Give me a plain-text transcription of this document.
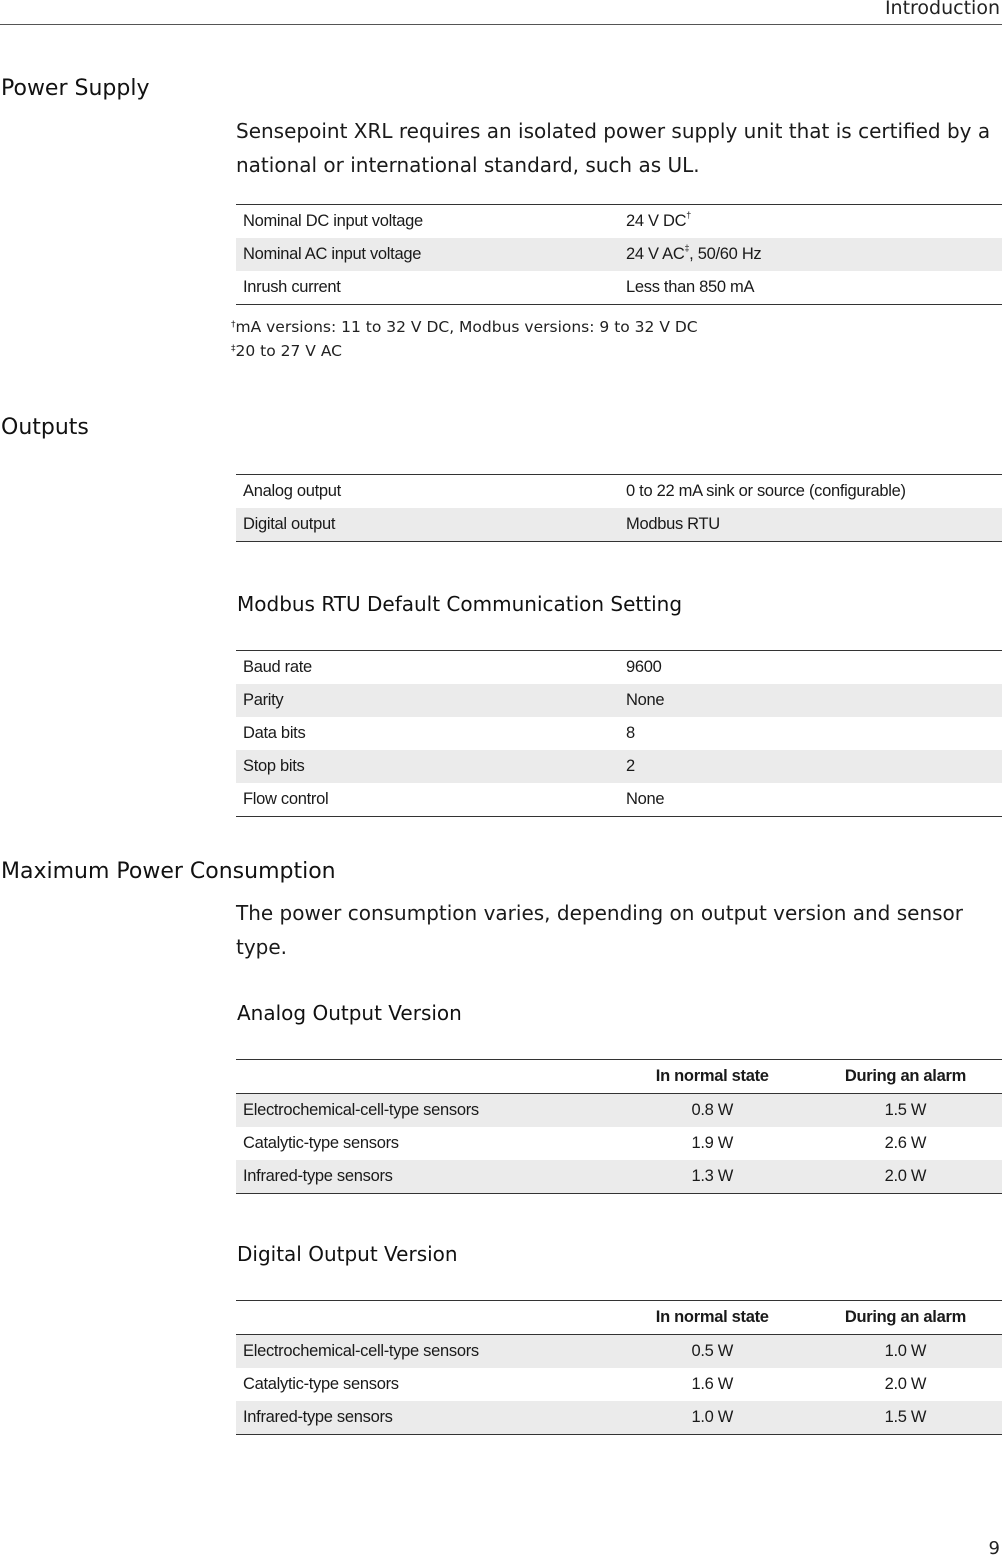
Introduction
Power Supply
Sensepoint XRL requires an isolated power supply unit that is certified by a national or international standard, such as UL.
Nominal DC input voltage	24 V DC†
Nominal AC input voltage	24 V AC‡, 50/60 Hz
Inrush current	Less than 850 mA
†mA versions: 11 to 32 V DC, Modbus versions: 9 to 32 V DC
‡20 to 27 V AC
Outputs
Analog output	0 to 22 mA sink or source (configurable)
Digital output	Modbus RTU
Modbus RTU Default Communication Setting
Baud rate	9600
Parity	None
Data bits	8
Stop bits	2
Flow control	None
Maximum Power Consumption
The power consumption varies, depending on output version and sensor type.
Analog Output Version
	In normal state	During an alarm
Electrochemical-cell-type sensors	0.8 W	1.5 W
Catalytic-type sensors	1.9 W	2.6 W
Infrared-type sensors	1.3 W	2.0 W
Digital Output Version
	In normal state	During an alarm
Electrochemical-cell-type sensors	0.5 W	1.0 W
Catalytic-type sensors	1.6 W	2.0 W
Infrared-type sensors	1.0 W	1.5 W
9
